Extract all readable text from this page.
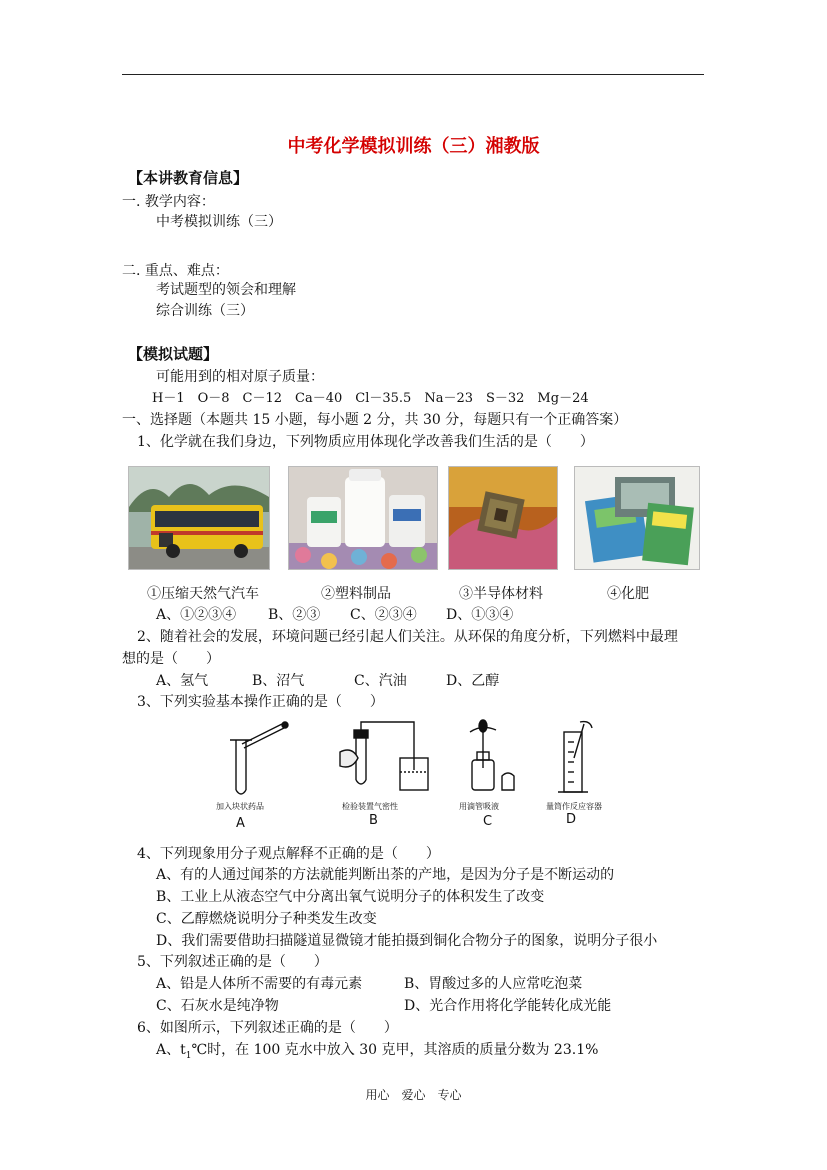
中考化学模拟训练（三）湘教版
【本讲教育信息】
一. 教学内容：
中考模拟训练（三）
二. 重点、难点：
考试题型的领会和理解
综合训练（三）
【模拟试题】
可能用到的相对原子质量：
H－1　O－8　C－12　Ca－40　Cl－35.5　Na－23　S－32　Mg－24
一、选择题（本题共 15 小题，每小题 2 分，共 30 分，每题只有一个正确答案）
1、化学就在我们身边，下列物质应用体现化学改善我们生活的是（　　）
①压缩天然气汽车	②塑料制品	③半导体材料	④化肥
A、①②③④ B、②③ C、②③④ D、①③④
2、随着社会的发展，环境问题已经引起人们关注。从环保的角度分析，下列燃料中最理
想的是（　　）
A、氢气	B、沼气	C、汽油	D、乙醇
3、下列实验基本操作正确的是（　　）
加入块状药品	检验装置气密性	用滴管吸液	量筒作反应容器
A	B	C	D
4、下列现象用分子观点解释不正确的是（　　）
A、有的人通过闻茶的方法就能判断出茶的产地，是因为分子是不断运动的
B、工业上从液态空气中分离出氧气说明分子的体积发生了改变
C、乙醇燃烧说明分子种类发生改变
D、我们需要借助扫描隧道显微镜才能拍摄到铜化合物分子的图象，说明分子很小
5、下列叙述正确的是（　　）
A、铅是人体所不需要的有毒元素	B、胃酸过多的人应常吃泡菜
C、石灰水是纯净物	D、光合作用将化学能转化成光能
6、如图所示，下列叙述正确的是（　　）
A、$t_1℃$时，在 100 克水中放入 30 克甲，其溶质的质量分数为 23.1%
用心　爱心　专心
